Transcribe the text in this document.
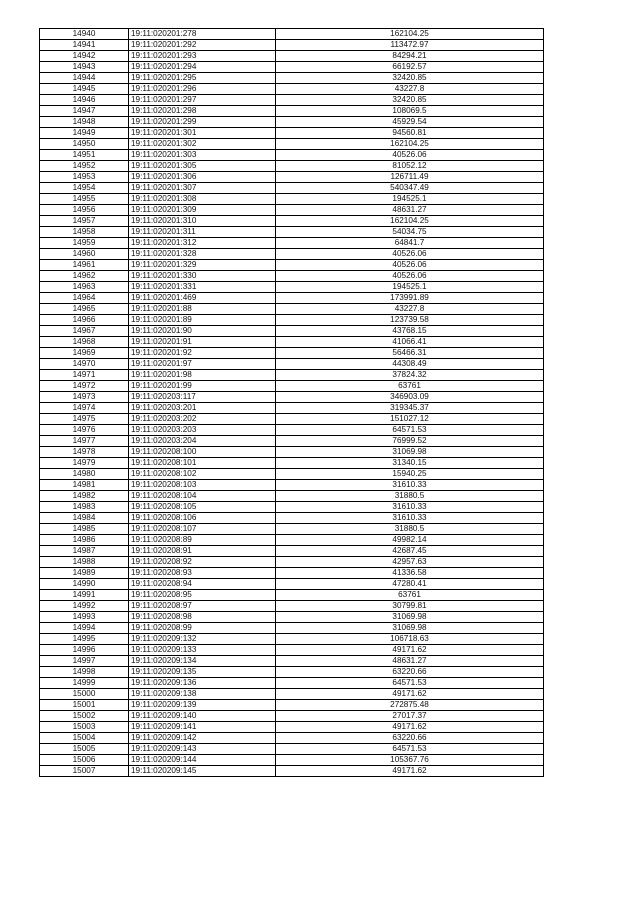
14940	19:11:020201:278	162104.25
14941	19:11:020201:292	113472.97
14942	19:11:020201:293	84294.21
14943	19:11:020201:294	66192.57
14944	19:11:020201:295	32420.85
14945	19:11:020201:296	43227.8
14946	19:11:020201:297	32420.85
14947	19:11:020201:298	108069.5
14948	19:11:020201:299	45929.54
14949	19:11:020201:301	94560.81
14950	19:11:020201:302	162104.25
14951	19:11:020201:303	40526.06
14952	19:11:020201:305	81052.12
14953	19:11:020201:306	126711.49
14954	19:11:020201:307	540347.49
14955	19:11:020201:308	194525.1
14956	19:11:020201:309	48631.27
14957	19:11:020201:310	162104.25
14958	19:11:020201:311	54034.75
14959	19:11:020201:312	64841.7
14960	19:11:020201:328	40526.06
14961	19:11:020201:329	40526.06
14962	19:11:020201:330	40526.06
14963	19:11:020201:331	194525.1
14964	19:11:020201:469	173991.89
14965	19:11:020201:88	43227.8
14966	19:11:020201:89	123739.58
14967	19:11:020201:90	43768.15
14968	19:11:020201:91	41066.41
14969	19:11:020201:92	56466.31
14970	19:11:020201:97	44308.49
14971	19:11:020201:98	37824.32
14972	19:11:020201:99	63761
14973	19:11:020203:117	346903.09
14974	19:11:020203:201	319345.37
14975	19:11:020203:202	151027.12
14976	19:11:020203:203	64571.53
14977	19:11:020203:204	76999.52
14978	19:11:020208:100	31069.98
14979	19:11:020208:101	31340.15
14980	19:11:020208:102	15940.25
14981	19:11:020208:103	31610.33
14982	19:11:020208:104	31880.5
14983	19:11:020208:105	31610.33
14984	19:11:020208:106	31610.33
14985	19:11:020208:107	31880.5
14986	19:11:020208:89	49982.14
14987	19:11:020208:91	42687.45
14988	19:11:020208:92	42957.63
14989	19:11:020208:93	41336.58
14990	19:11:020208:94	47280.41
14991	19:11:020208:95	63761
14992	19:11:020208:97	30799.81
14993	19:11:020208:98	31069.98
14994	19:11:020208:99	31069.98
14995	19:11:020209:132	106718.63
14996	19:11:020209:133	49171.62
14997	19:11:020209:134	48631.27
14998	19:11:020209:135	63220.66
14999	19:11:020209:136	64571.53
15000	19:11:020209:138	49171.62
15001	19:11:020209:139	272875.48
15002	19:11:020209:140	27017.37
15003	19:11:020209:141	49171.62
15004	19:11:020209:142	63220.66
15005	19:11:020209:143	64571.53
15006	19:11:020209:144	105367.76
15007	19:11:020209:145	49171.62
